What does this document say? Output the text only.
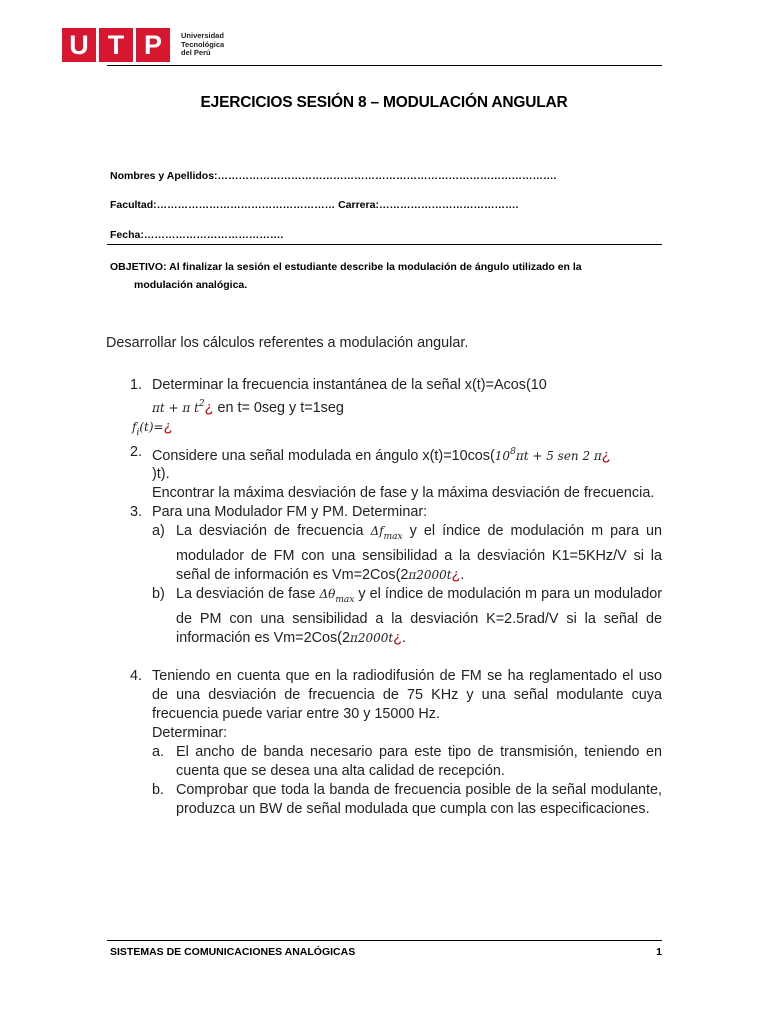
U T P	Universidad
Tecnológica
del Perú
EJERCICIOS SESIÓN 8 – MODULACIÓN ANGULAR
Nombres y Apellidos:…………………………………………………………………………………….
Facultad:…………………………………………… Carrera:………………………………….
Fecha:………………………………….
OBJETIVO: Al finalizar la sesión el estudiante describe la modulación de ángulo utilizado en la
modulación analógica.
Desarrollar los cálculos referentes a modulación angular.
1. Determinar la frecuencia instantánea de la señal x(t)=Acos(10
πt + π $t^2¿$ en t= 0seg y t=1seg
$f_i(t)=¿$
2. Considere una señal modulada en ángulo $x(t)=10\cos(10^8\pi t + 5$ sen 2 π¿
)t).
Encontrar la máxima desviación de fase y la máxima desviación de frecuencia.
3. Para una Modulador FM y PM. Determinar:
a) La desviación de frecuencia $\Delta f_{max}$ y el índice de modulación m para un modulador de FM con una sensibilidad a la desviación K1=5KHz/V si la señal de información es Vm=2Cos(2π2000t¿.
b) La desviación de fase $\Delta\theta_{max}$ y el índice de modulación m para un modulador de PM con una sensibilidad a la desviación K=2.5rad/V si la señal de información es Vm=2Cos(2π2000t¿.
4. Teniendo en cuenta que en la radiodifusión de FM se ha reglamentado el uso de una desviación de frecuencia de 75 KHz y una señal modulante cuya frecuencia puede variar entre 30 y 15000 Hz.
Determinar:
a. El ancho de banda necesario para este tipo de transmisión, teniendo en cuenta que se desea una alta calidad de recepción.
b. Comprobar que toda la banda de frecuencia posible de la señal modulante, produzca un BW de señal modulada que cumpla con las especificaciones.
SISTEMAS DE COMUNICACIONES ANALÓGICAS	1
